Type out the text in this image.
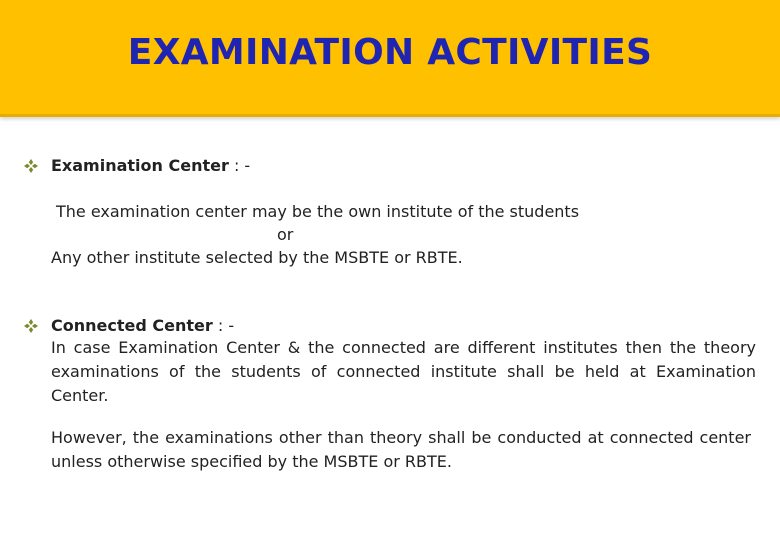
EXAMINATION ACTIVITIES
Examination Center : -
The examination center may be the own institute of the students
or
Any other institute selected by the MSBTE or RBTE.
Connected Center : -
In case Examination Center & the connected are different institutes then the theory examinations of the students of connected institute shall be held at Examination Center.
However, the examinations other than theory shall be conducted at connected center unless otherwise specified by the MSBTE or RBTE.
